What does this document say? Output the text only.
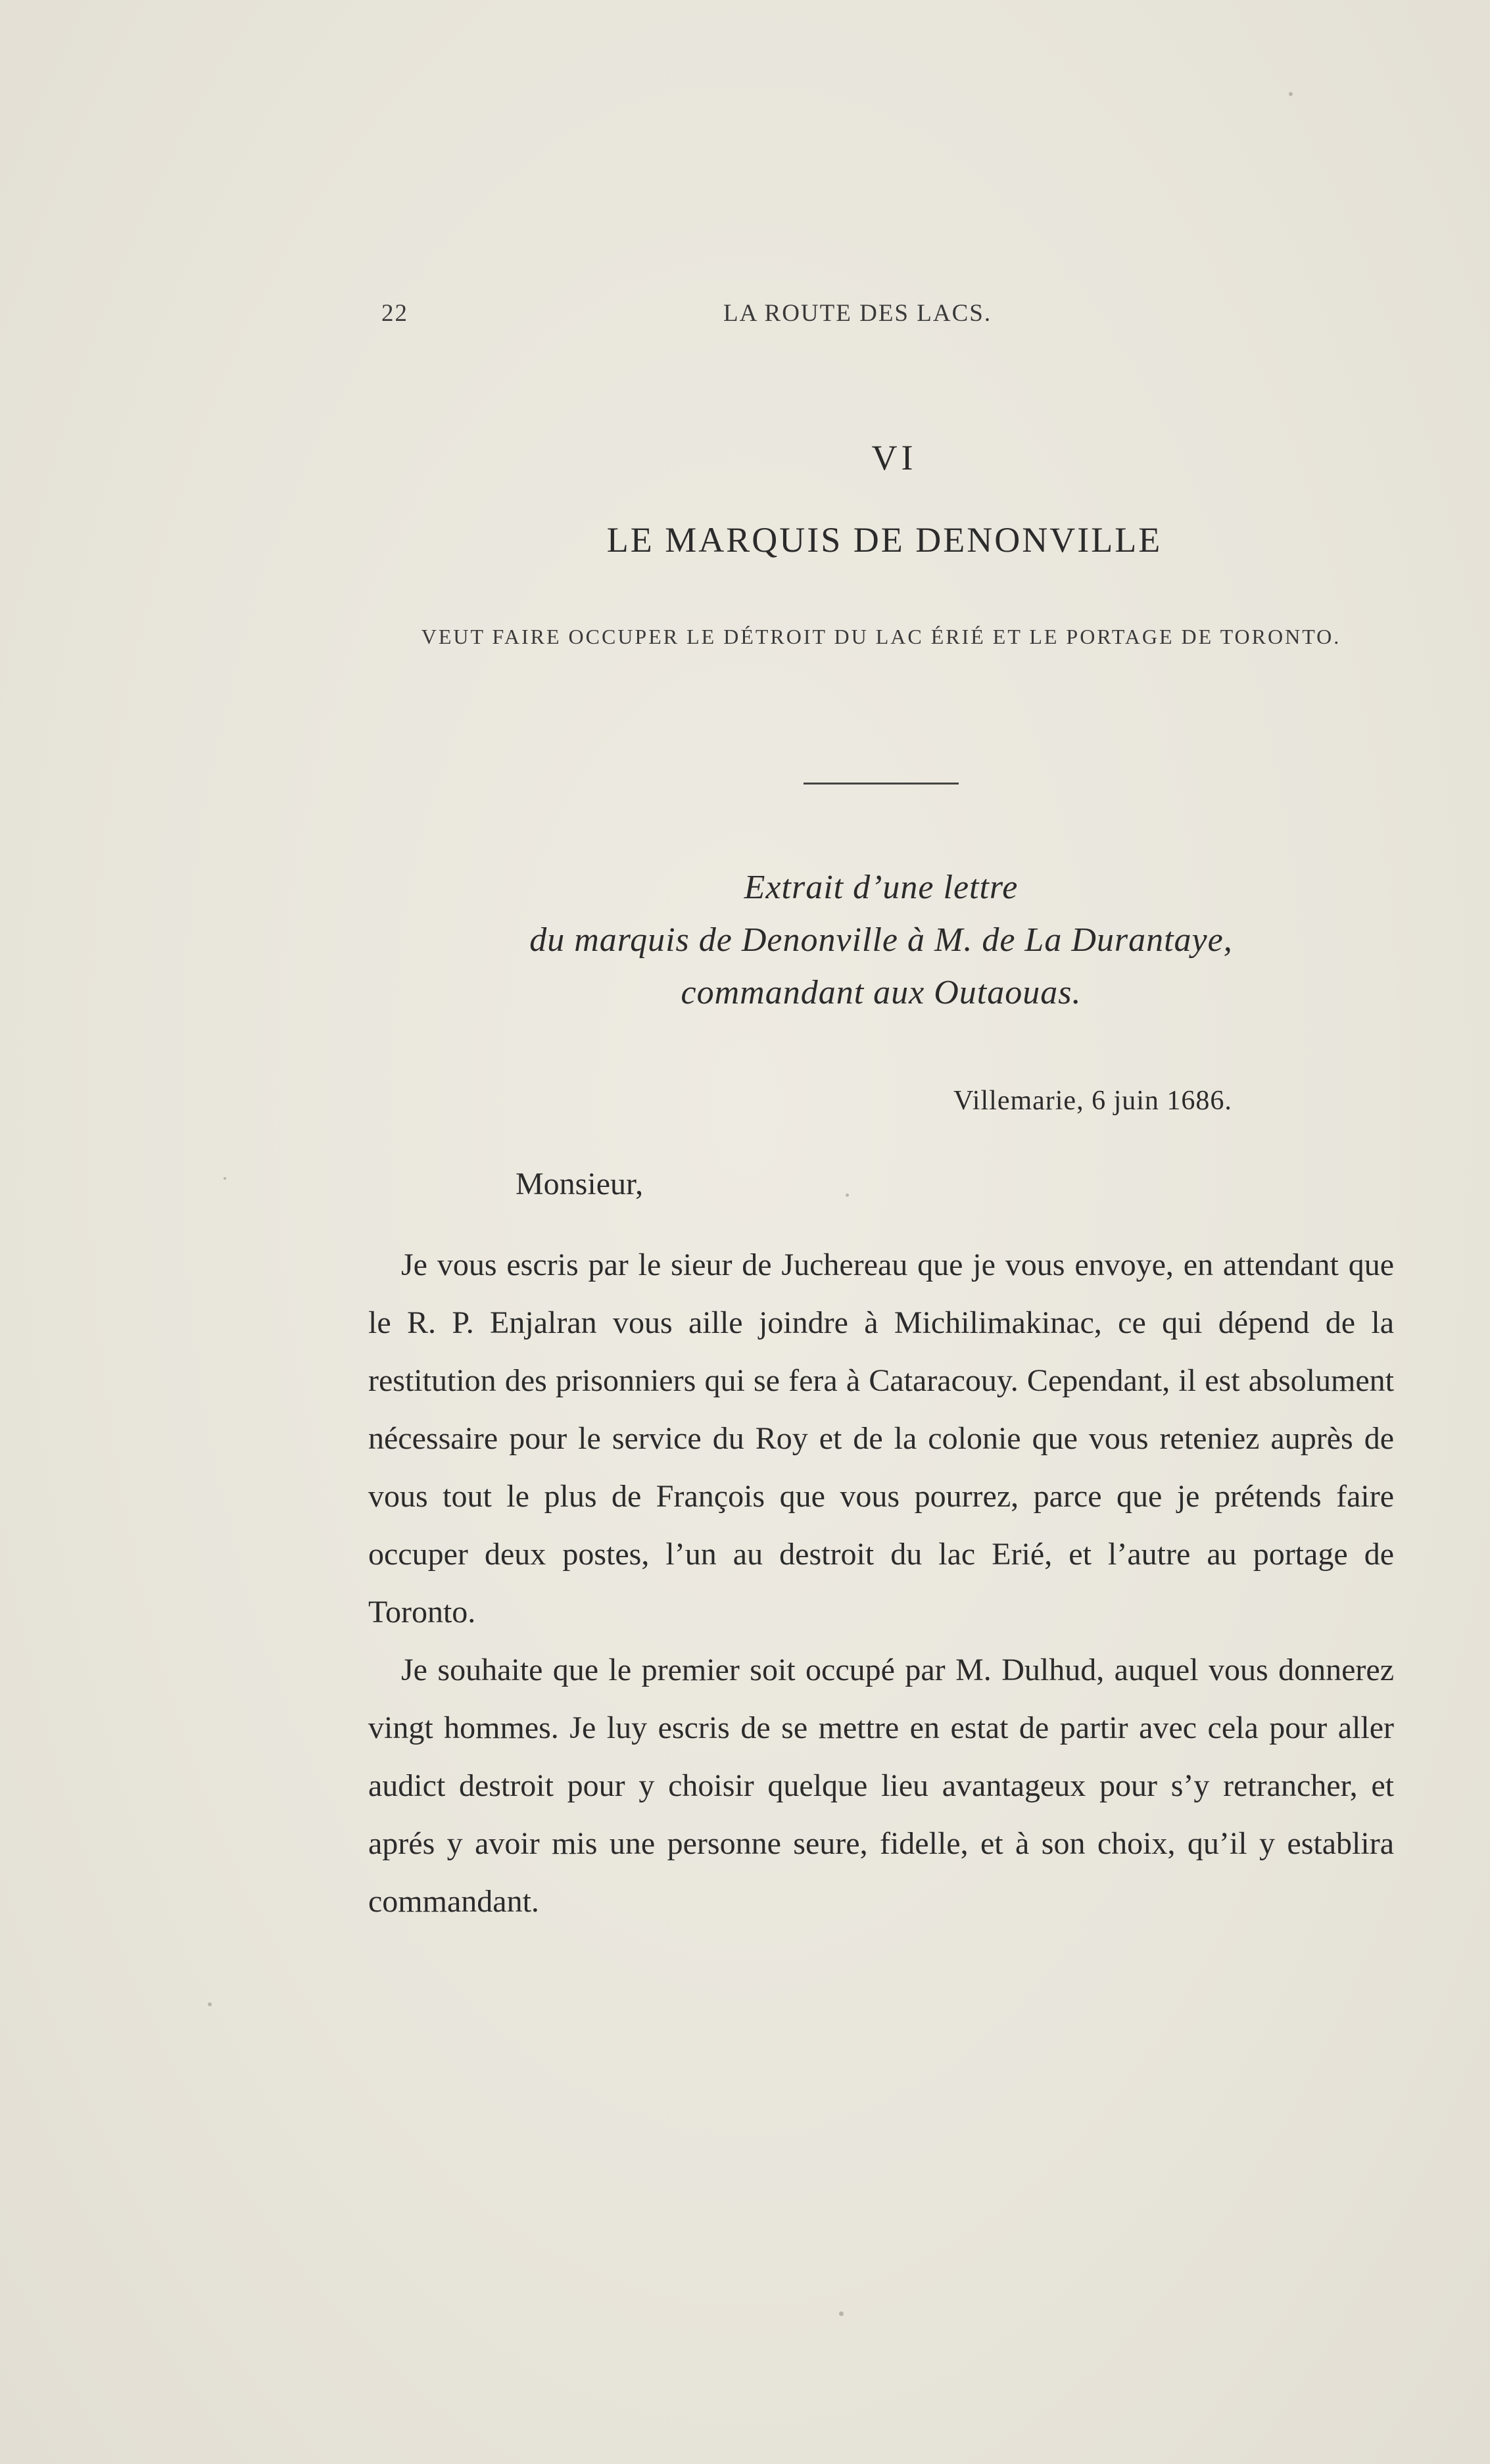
22	LA ROUTE DES LACS.
VI
LE MARQUIS DE DENONVILLE
VEUT FAIRE OCCUPER LE DÉTROIT DU LAC ÉRIÉ ET LE PORTAGE DE TORONTO.
Extrait d’une lettre
du marquis de Denonville à M. de La Durantaye,
commandant aux Outaouas.
Villemarie, 6 juin 1686.
Monsieur,

Je vous escris par le sieur de Juchereau que je vous envoye, en attendant que le R. P. Enjalran vous aille joindre à Michilimakinac, ce qui dépend de la restitution des prisonniers qui se fera à Cataracouy. Cependant, il est absolument nécessaire pour le service du Roy et de la colonie que vous reteniez auprès de vous tout le plus de François que vous pourrez, parce que je prétends faire occuper deux postes, l’un au destroit du lac Erié, et l’autre au portage de Toronto.

Je souhaite que le premier soit occupé par M. Dulhud, auquel vous donnerez vingt hommes. Je luy escris de se mettre en estat de partir avec cela pour aller audict destroit pour y choisir quelque lieu avantageux pour s’y retrancher, et aprés y avoir mis une personne seure, fidelle, et à son choix, qu’il y establira commandant.
